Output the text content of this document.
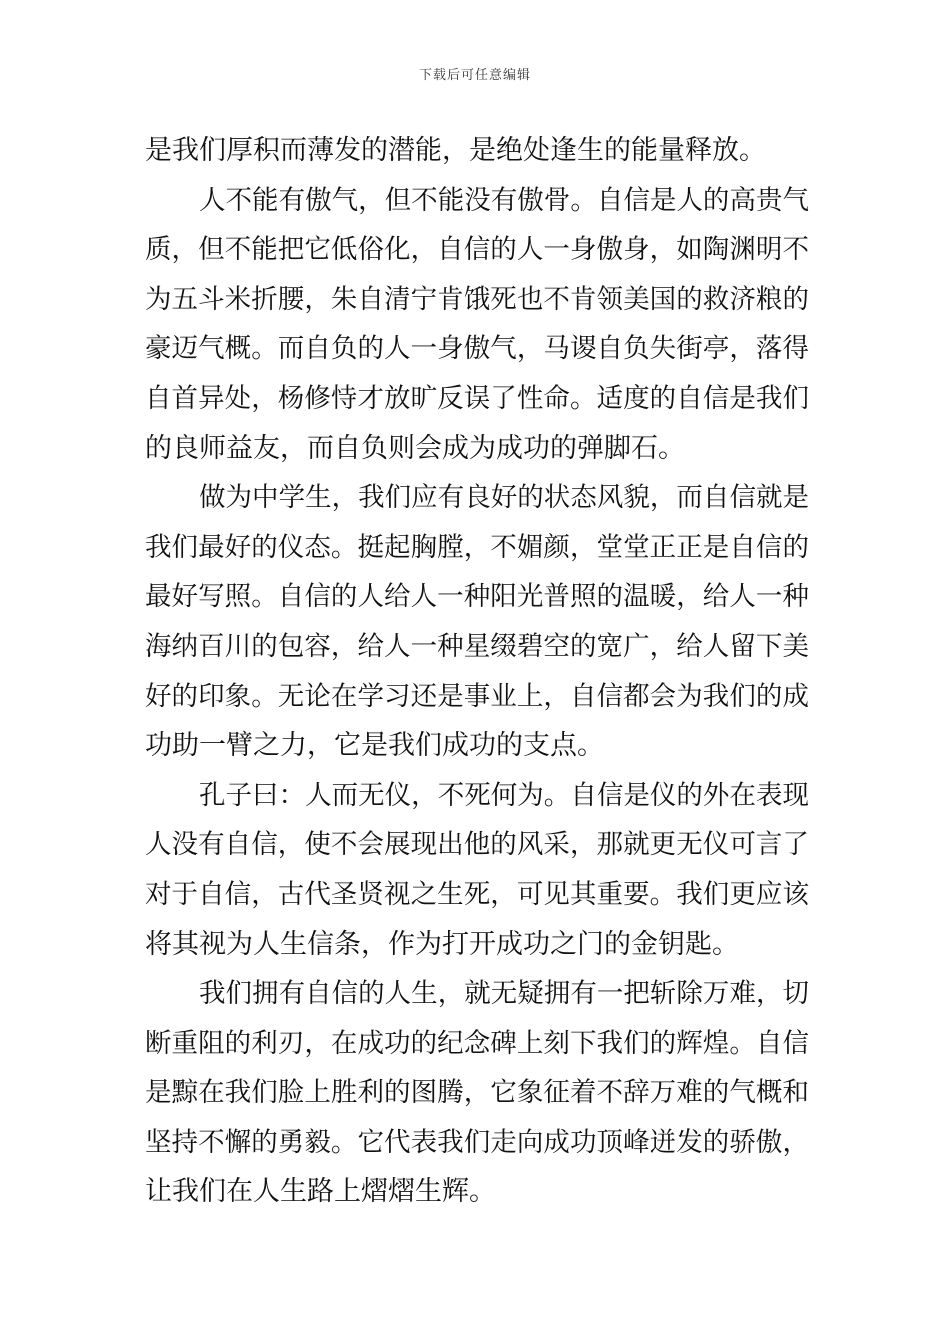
下载后可任意编辑
是我们厚积而薄发的潜能，是绝处逢生的能量释放。
人不能有傲气，但不能没有傲骨。自信是人的高贵气
质，但不能把它低俗化，自信的人一身傲身，如陶渊明不
为五斗米折腰，朱自清宁肯饿死也不肯领美国的救济粮的
豪迈气概。而自负的人一身傲气，马谡自负失街亭，落得
自首异处，杨修恃才放旷反误了性命。适度的自信是我们
的良师益友，而自负则会成为成功的弹脚石。
做为中学生，我们应有良好的状态风貌，而自信就是
我们最好的仪态。挺起胸膛，不媚颜，堂堂正正是自信的
最好写照。自信的人给人一种阳光普照的温暖，给人一种
海纳百川的包容，给人一种星缀碧空的宽广，给人留下美
好的印象。无论在学习还是事业上，自信都会为我们的成
功助一臂之力，它是我们成功的支点。
孔子曰：人而无仪，不死何为。自信是仪的外在表现
人没有自信，使不会展现出他的风采，那就更无仪可言了
对于自信，古代圣贤视之生死，可见其重要。我们更应该
将其视为人生信条，作为打开成功之门的金钥匙。
我们拥有自信的人生，就无疑拥有一把斩除万难，切
断重阻的利刃，在成功的纪念碑上刻下我们的辉煌。自信
是黥在我们脸上胜利的图腾，它象征着不辞万难的气概和
坚持不懈的勇毅。它代表我们走向成功顶峰迸发的骄傲，
让我们在人生路上熠熠生辉。
